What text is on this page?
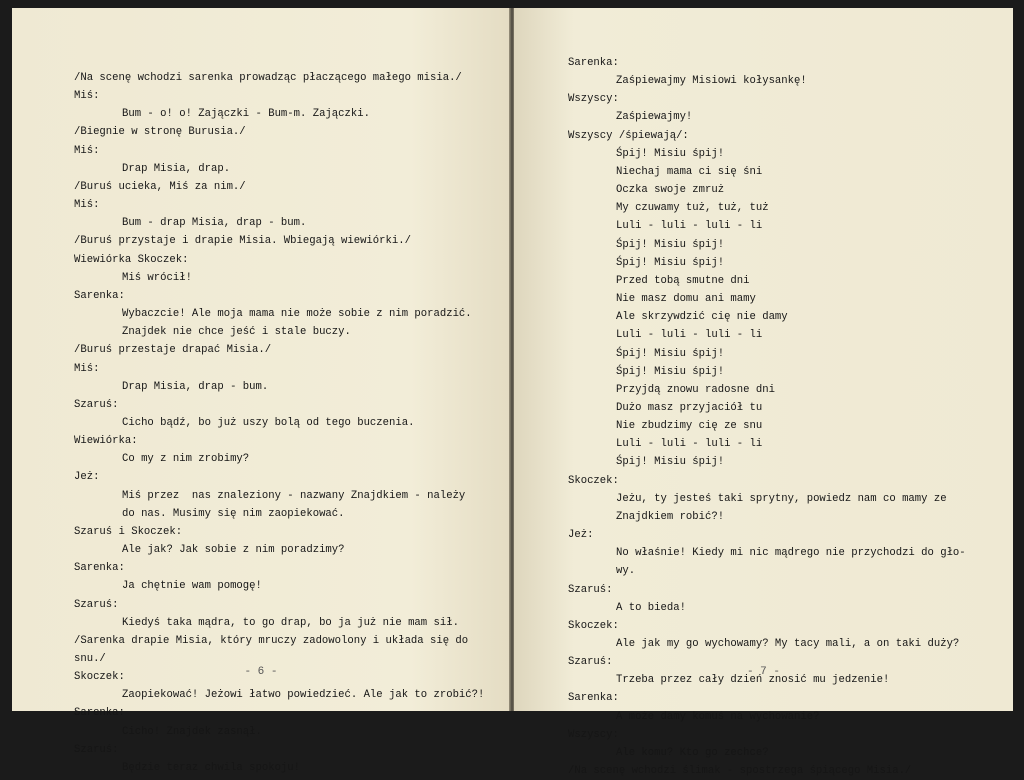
/Na scenę wchodzi sarenka prowadząc płaczącego małego misia./
Miś:
Bum - o! o! Zajączki - Bum-m. Zajączki.
/Biegnie w stronę Burusia./
Miś:
Drap Misia, drap.
/Buruś ucieka, Miś za nim./
Miś:
Bum - drap Misia, drap - bum.
/Buruś przystaje i drapie Misia. Wbiegają wiewiórki./
Wiewiórka Skoczek:
Miś wrócił!
Sarenka:
Wybaczcie! Ale moja mama nie może sobie z nim poradzić.
Znajdek nie chce jeść i stale buczy.
/Buruś przestaje drapać Misia./
Miś:
Drap Misia, drap - bum.
Szaruś:
Cicho bądź, bo już uszy bolą od tego buczenia.
Wiewiórka:
Co my z nim zrobimy?
Jeż:
Miś przez  nas znaleziony - nazwany Znajdkiem - należy
do nas. Musimy się nim zaopiekować.
Szaruś i Skoczek:
Ale jak? Jak sobie z nim poradzimy?
Sarenka:
Ja chętnie wam pomogę!
Szaruś:
Kiedyś taka mądra, to go drap, bo ja już nie mam sił.
/Sarenka drapie Misia, który mruczy zadowolony i układa się do
snu./
Skoczek:
Zaopiekować! Jeżowi łatwo powiedzieć. Ale jak to zrobić?!
Sarenka:
Cicho! Znajdek zasnął.
Szaruś:
Będzie teraz chwila spokoju!
- 6 -
Sarenka:
Zaśpiewajmy Misiowi kołysankę!
Wszyscy:
Zaśpiewajmy!
Wszyscy /śpiewają/:
Śpij! Misiu śpij!
Niechaj mama ci się śni
Oczka swoje zmruż
My czuwamy tuż, tuż, tuż
Luli - luli - luli - li
Śpij! Misiu śpij!
Śpij! Misiu śpij!
Przed tobą smutne dni
Nie masz domu ani mamy
Ale skrzywdzić cię nie damy
Luli - luli - luli - li
Śpij! Misiu śpij!
Śpij! Misiu śpij!
Przyjdą znowu radosne dni
Dużo masz przyjaciół tu
Nie zbudzimy cię ze snu
Luli - luli - luli - li
Śpij! Misiu śpij!
Skoczek:
Jeżu, ty jesteś taki sprytny, powiedz nam co mamy ze
Znajdkiem robić?!
Jeż:
No właśnie! Kiedy mi nic mądrego nie przychodzi do gło-
wy.
Szaruś:
A to bieda!
Skoczek:
Ale jak my go wychowamy? My tacy mali, a on taki duży?
Szaruś:
Trzeba przez cały dzień znosić mu jedzenie!
Sarenka:
A może damy komuś na wychowanie?
Wszyscy:
Ale komu? Kto go zechce?
/Na scenę wchodzi ślimak - spostrzega śpiącego Misia./
- 7 -
